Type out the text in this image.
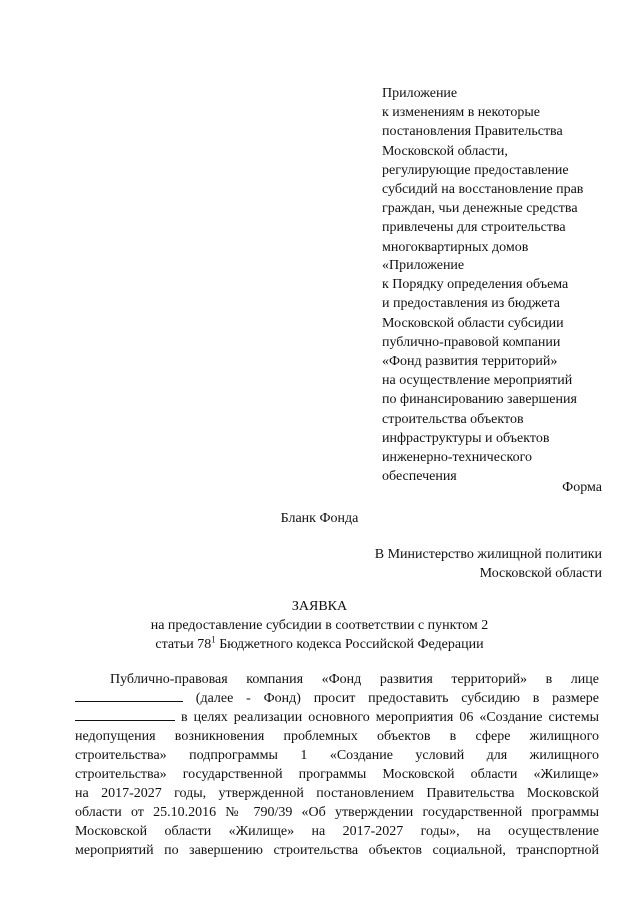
Приложение
к изменениям в некоторые
постановления Правительства
Московской области,
регулирующие предоставление
субсидий на восстановление прав
граждан, чьи денежные средства
привлечены для строительства
многоквартирных домов
«Приложение
к Порядку определения объема
и предоставления из бюджета
Московской области субсидии
публично-правовой компании
«Фонд развития территорий»
на осуществление мероприятий
по финансированию завершения
строительства объектов
инфраструктуры и объектов
инженерно-технического
обеспечения
Форма
Бланк Фонда
В Министерство жилищной политики
Московской области
ЗАЯВКА
на предоставление субсидии в соответствии с пунктом 2
статьи $78^1$ Бюджетного кодекса Российской Федерации
Публично-правовая компания «Фонд развития территорий» в лице
(далее - Фонд) просит предоставить субсидию в размере
в целях реализации основного мероприятия 06 «Создание системы
недопущения возникновения проблемных объектов в сфере жилищного
строительства» подпрограммы 1 «Создание условий для жилищного
строительства» государственной программы Московской области «Жилище»
на 2017-2027 годы, утвержденной постановлением Правительства Московской
области от 25.10.2016 № 790/39 «Об утверждении государственной программы
Московской области «Жилище» на 2017-2027 годы», на осуществление
мероприятий по завершению строительства объектов социальной, транспортной
